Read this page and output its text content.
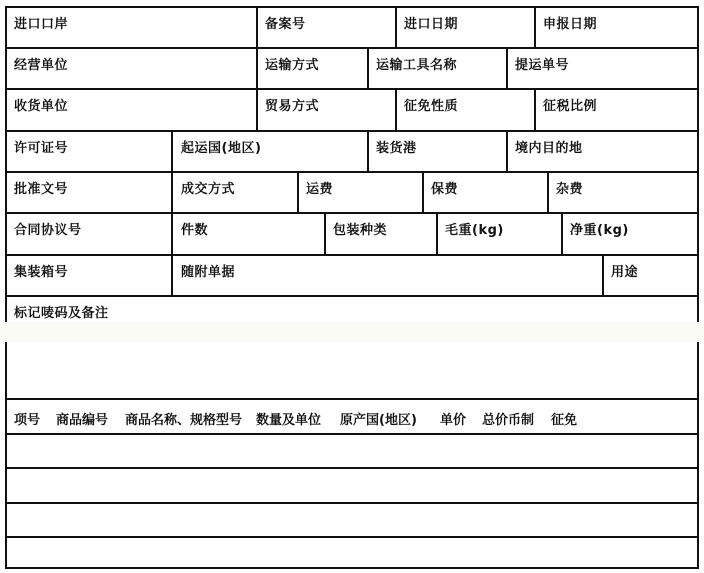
进口口岸	备案号	进口日期	申报日期
经营单位	运输方式	运输工具名称	提运单号
收货单位	贸易方式	征免性质	征税比例
许可证号	起运国(地区)	装货港	境内目的地
批准文号	成交方式	运费	保费	杂费
合同协议号	件数	包装种类	毛重(kg)	净重(kg)
集装箱号	随附单据	用途
标记唛码及备注
项号 商品编号 商品名称、规格型号 数量及单位 原产国(地区) 单价 总价币制 征免
